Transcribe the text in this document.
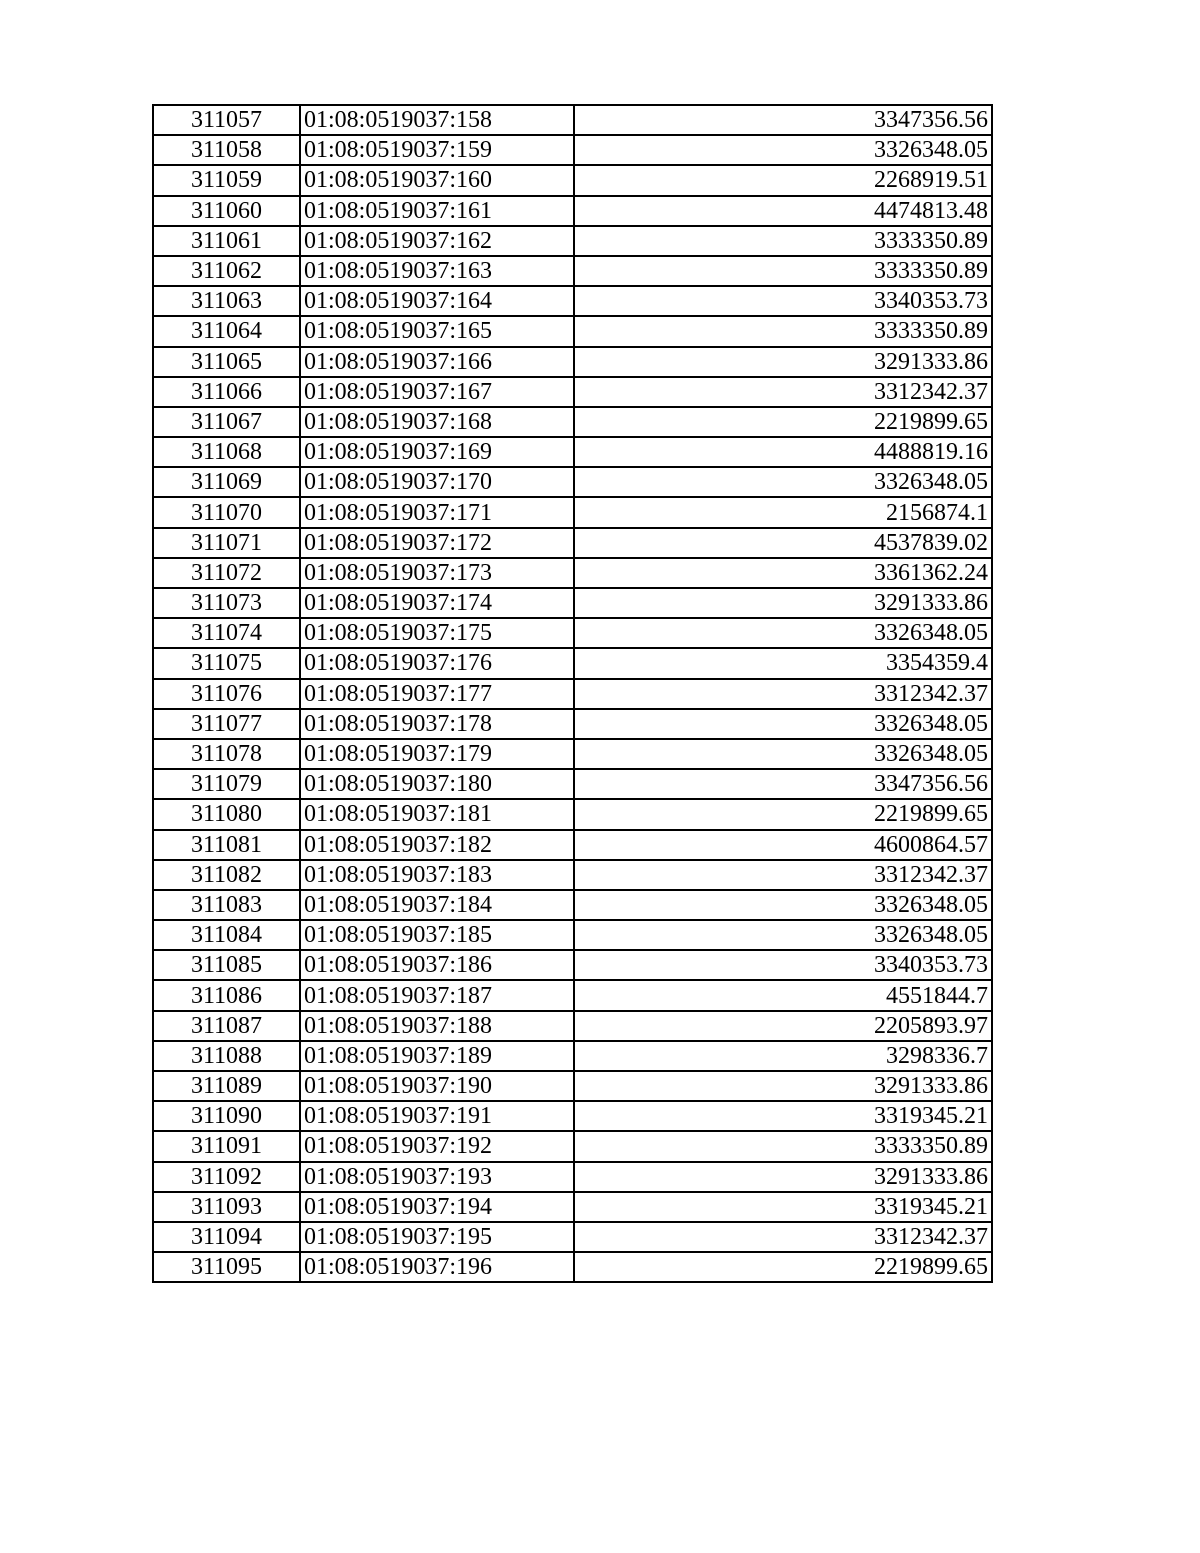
311057	01:08:0519037:158	3347356.56
311058	01:08:0519037:159	3326348.05
311059	01:08:0519037:160	2268919.51
311060	01:08:0519037:161	4474813.48
311061	01:08:0519037:162	3333350.89
311062	01:08:0519037:163	3333350.89
311063	01:08:0519037:164	3340353.73
311064	01:08:0519037:165	3333350.89
311065	01:08:0519037:166	3291333.86
311066	01:08:0519037:167	3312342.37
311067	01:08:0519037:168	2219899.65
311068	01:08:0519037:169	4488819.16
311069	01:08:0519037:170	3326348.05
311070	01:08:0519037:171	2156874.1
311071	01:08:0519037:172	4537839.02
311072	01:08:0519037:173	3361362.24
311073	01:08:0519037:174	3291333.86
311074	01:08:0519037:175	3326348.05
311075	01:08:0519037:176	3354359.4
311076	01:08:0519037:177	3312342.37
311077	01:08:0519037:178	3326348.05
311078	01:08:0519037:179	3326348.05
311079	01:08:0519037:180	3347356.56
311080	01:08:0519037:181	2219899.65
311081	01:08:0519037:182	4600864.57
311082	01:08:0519037:183	3312342.37
311083	01:08:0519037:184	3326348.05
311084	01:08:0519037:185	3326348.05
311085	01:08:0519037:186	3340353.73
311086	01:08:0519037:187	4551844.7
311087	01:08:0519037:188	2205893.97
311088	01:08:0519037:189	3298336.7
311089	01:08:0519037:190	3291333.86
311090	01:08:0519037:191	3319345.21
311091	01:08:0519037:192	3333350.89
311092	01:08:0519037:193	3291333.86
311093	01:08:0519037:194	3319345.21
311094	01:08:0519037:195	3312342.37
311095	01:08:0519037:196	2219899.65
